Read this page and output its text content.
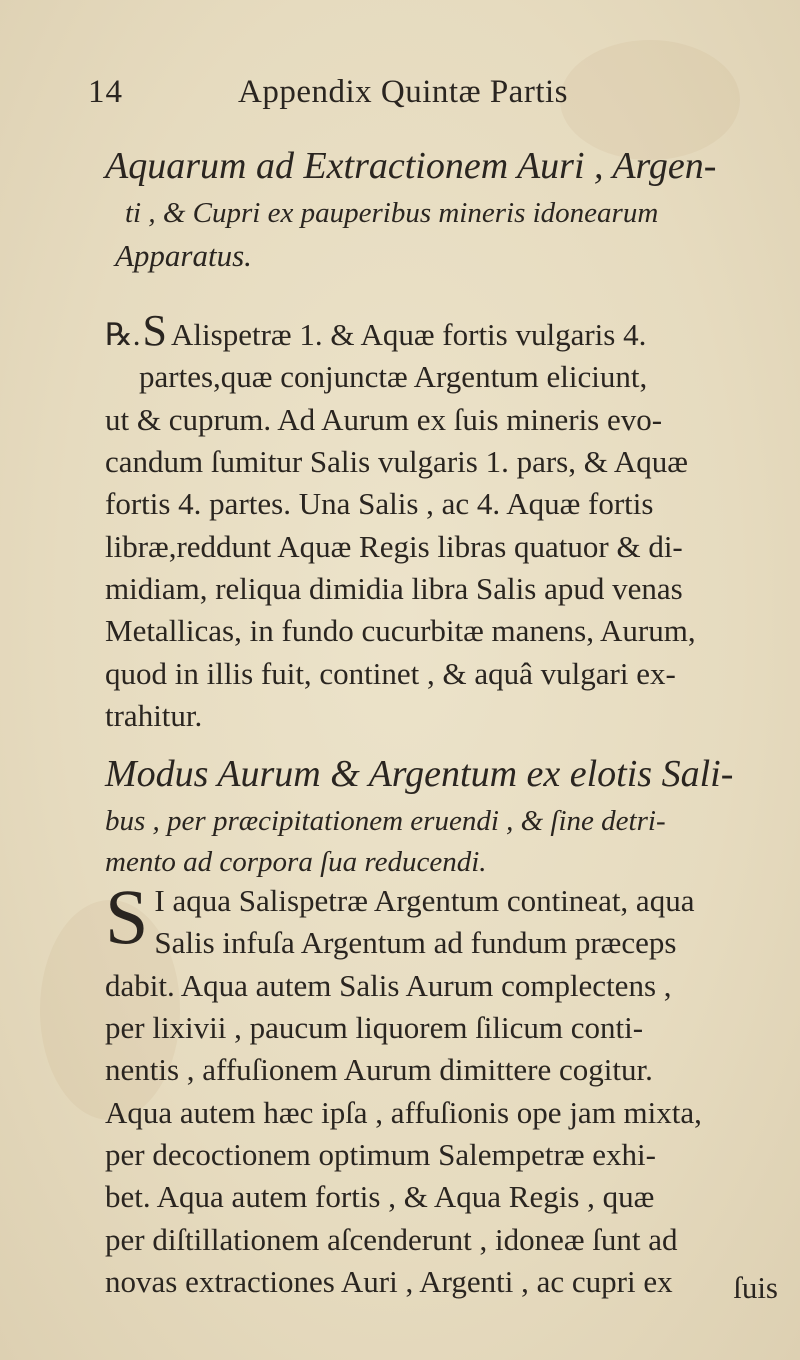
14	Appendix Quintæ Partis

Aquarum ad Extractionem Auri , Argen-
ti , & Cupri ex pauperibus mineris idonearum
Apparatus.

℞.S Alispetræ 1. & Aquæ fortis vulgaris 4.
partes,quæ conjunctæ Argentum eliciunt,
ut & cuprum. Ad Aurum ex ſuis mineris evo-
candum ſumitur Salis vulgaris 1. pars, & Aquæ
fortis 4. partes. Una Salis , ac 4. Aquæ fortis
libræ,reddunt Aquæ Regis libras quatuor & di-
midiam, reliqua dimidia libra Salis apud venas
Metallicas, in fundo cucurbitæ manens, Aurum,
quod in illis fuit, continet , & aquâ vulgari ex-
trahitur.

Modus Aurum & Argentum ex elotis Sali-
bus , per præcipitationem eruendi , & ſine detri-
mento ad corpora ſua reducendi.

S I aqua Salispetræ Argentum contineat, aqua
Salis infuſa Argentum ad fundum præceps
dabit. Aqua autem Salis Aurum complectens ,
per lixivii , paucum liquorem ſilicum conti-
nentis , affuſionem Aurum dimittere cogitur.
Aqua autem hæc ipſa , affuſionis ope jam mixta,
per decoctionem optimum Salempetræ exhi-
bet. Aqua autem fortis , & Aqua Regis , quæ
per diſtillationem aſcenderunt , idoneæ ſunt ad
novas extractiones Auri , Argenti , ac cupri ex	ſuis
